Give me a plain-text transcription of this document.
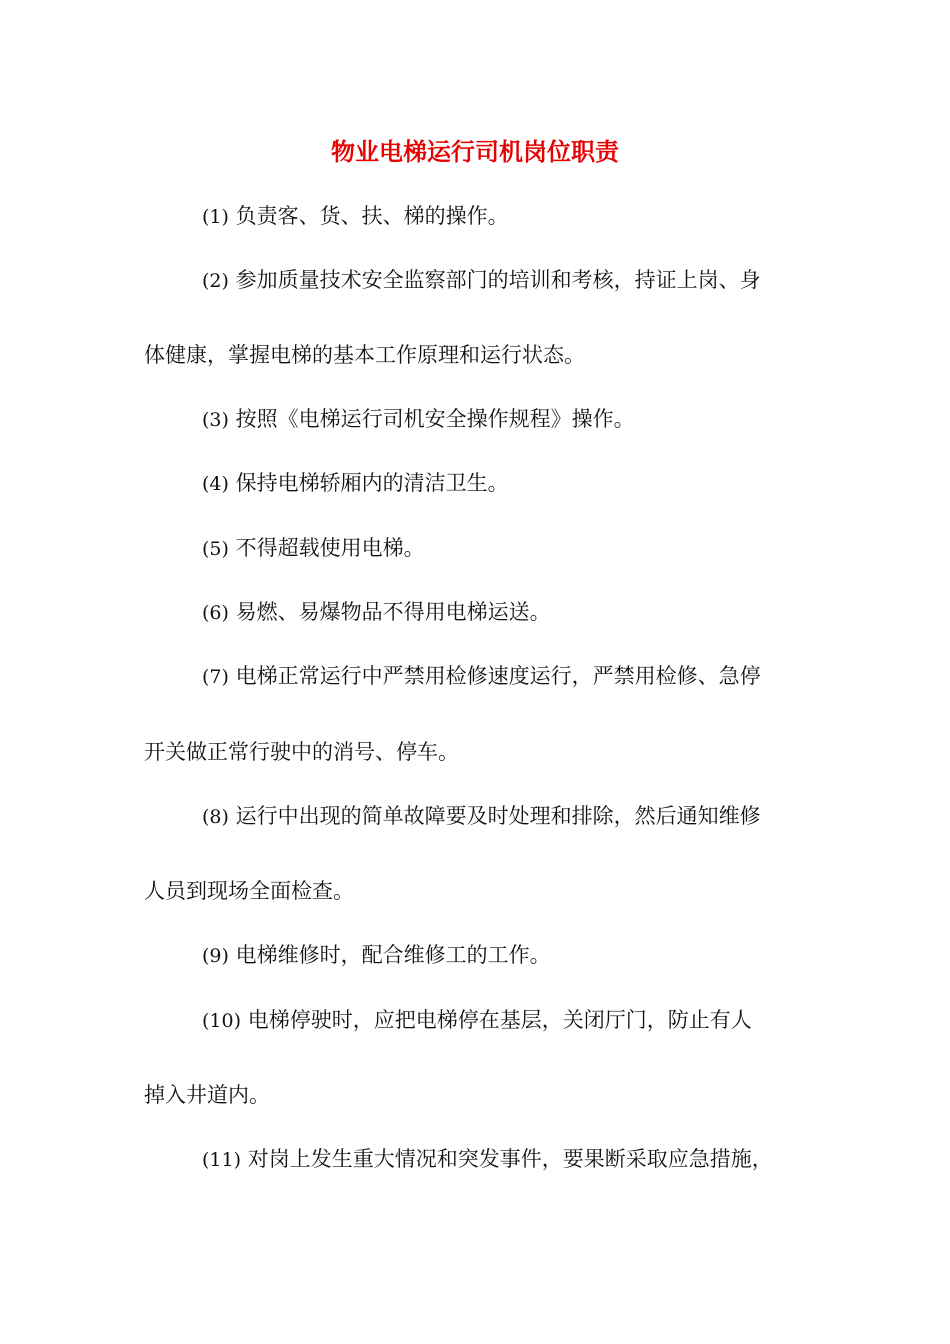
物业电梯运行司机岗位职责
(1) 负责客、货、扶、梯的操作。
(2) 参加质量技术安全监察部门的培训和考核，持证上岗、身
体健康，掌握电梯的基本工作原理和运行状态。
(3) 按照《电梯运行司机安全操作规程》操作。
(4) 保持电梯轿厢内的清洁卫生。
(5) 不得超载使用电梯。
(6) 易燃、易爆物品不得用电梯运送。
(7) 电梯正常运行中严禁用检修速度运行，严禁用检修、急停
开关做正常行驶中的消号、停车。
(8) 运行中出现的简单故障要及时处理和排除，然后通知维修
人员到现场全面检查。
(9) 电梯维修时，配合维修工的工作。
(10) 电梯停驶时，应把电梯停在基层，关闭厅门，防止有人
掉入井道内。
(11) 对岗上发生重大情况和突发事件，要果断采取应急措施，
